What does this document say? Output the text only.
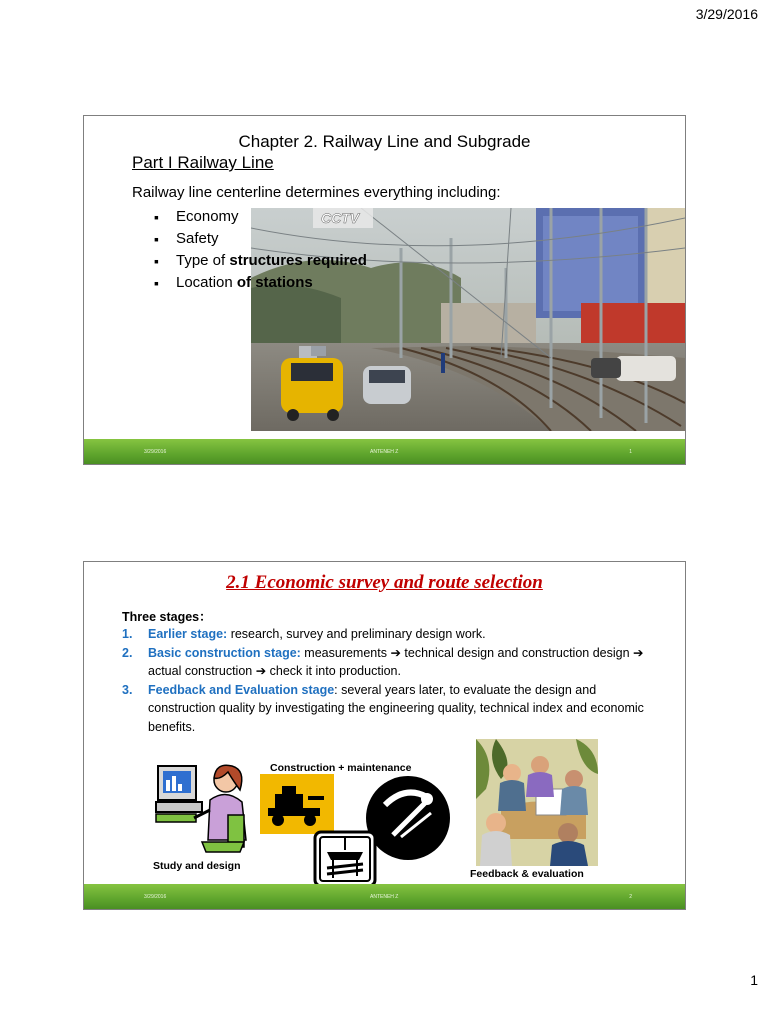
3/29/2016
Chapter 2. Railway Line and Subgrade
Part I Railway Line
Railway line centerline determines everything including:
CCTV
▪ Economy
▪ Safety
▪ Type of structures required
▪ Location of stations
3/29/2016	ANTENEH Z	1
2.1 Economic survey and route selection
Three stages：
1. Earlier stage: research, survey and preliminary design work.
2. Basic construction stage: measurements ➔ technical design and construction design ➔ actual construction ➔ check it into production.
3. Feedback and Evaluation stage: several years later, to evaluate the design and construction quality by investigating the engineering quality, technical index and economic benefits.
Study and design
Construction + maintenance
Feedback & evaluation
3/29/2016	ANTENEH Z	2
1
